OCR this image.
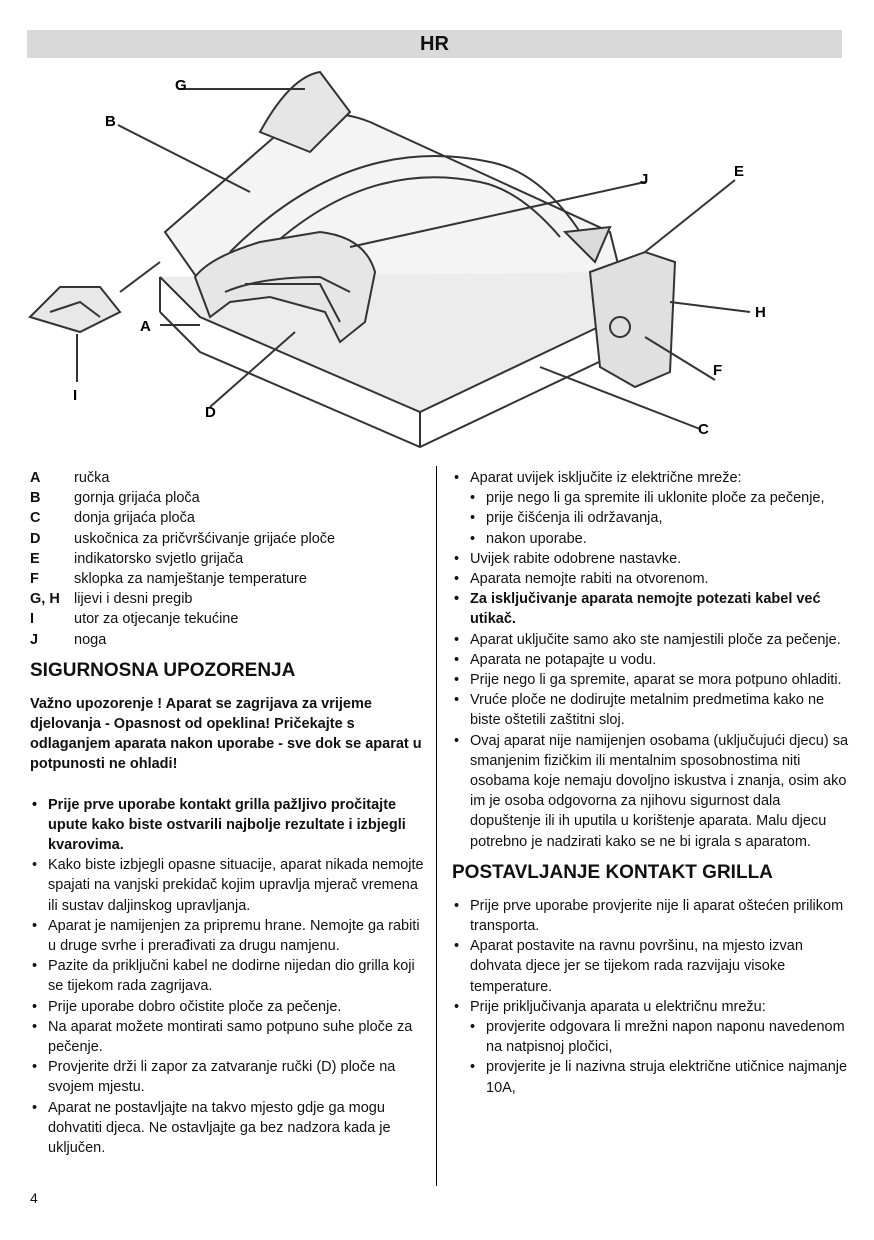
HR
G
B
J	E
H
F
C
A
D
I
A	ručka
B	gornja grijaća ploča
C	donja grijaća ploča
D	uskočnica za pričvršćivanje grijaće ploče
E	indikatorsko svjetlo grijača
F	sklopka za namještanje temperature
G, H lijevi i desni pregib
I	utor za otjecanje tekućine
J	noga
SIGURNOSNA UPOZORENJA
Važno upozorenje ! Aparat se zagrijava za vrijeme djelovanja - Opasnost od opeklina! Pričekajte s odlaganjem aparata nakon uporabe - sve dok se aparat u potpunosti ne ohladi!
• Prije prve uporabe kontakt grilla pažljivo pročitajte upute kako biste ostvarili najbolje rezultate i izbjegli kvarovima.
• Kako biste izbjegli opasne situacije, aparat nikada nemojte spajati na vanjski prekidač kojim upravlja mjerač vremena ili sustav daljinskog upravljanja.
• Aparat je namijenjen za pripremu hrane. Nemojte ga rabiti u druge svrhe i prerađivati za drugu namjenu.
• Pazite da priključni kabel ne dodirne nijedan dio grilla koji se tijekom rada zagrijava.
• Prije uporabe dobro očistite ploče za pečenje.
• Na aparat možete montirati samo potpuno suhe ploče za pečenje.
• Provjerite drži li zapor za zatvaranje ručki (D) ploče na svojem mjestu.
• Aparat ne postavljajte na takvo mjesto gdje ga mogu dohvatiti djeca. Ne ostavljajte ga bez nadzora kada je uključen.
• Aparat uvijek isključite iz električne mreže:
• prije nego li ga spremite ili uklonite ploče za pečenje,
• prije čišćenja ili održavanja,
• nakon uporabe.
• Uvijek rabite odobrene nastavke.
• Aparata nemojte rabiti na otvorenom.
• Za isključivanje aparata nemojte potezati kabel već utikač.
• Aparat uključite samo ako ste namjestili ploče za pečenje.
• Aparata ne potapajte u vodu.
• Prije nego li ga spremite, aparat se mora potpuno ohladiti.
• Vruće ploče ne dodirujte metalnim predmetima kako ne biste oštetili zaštitni sloj.
• Ovaj aparat nije namijenjen osobama (uključujući djecu) sa smanjenim fizičkim ili mentalnim sposobnostima niti osobama koje nemaju dovoljno iskustva i znanja, osim ako im je osoba odgovorna za njihovu sigurnost dala dopuštenje ili ih uputila u korištenje aparata. Malu djecu potrebno je nadzirati kako se ne bi igrala s aparatom.
POSTAVLJANJE KONTAKT GRILLA
• Prije prve uporabe provjerite nije li aparat oštećen prilikom transporta.
• Aparat postavite na ravnu površinu, na mjesto izvan dohvata djece jer se tijekom rada razvijaju visoke temperature.
• Prije priključivanja aparata u električnu mrežu:
• provjerite odgovara li mrežni napon naponu navedenom na natpisnoj pločici,
• provjerite je li nazivna struja električne utičnice najmanje 10A,
4
